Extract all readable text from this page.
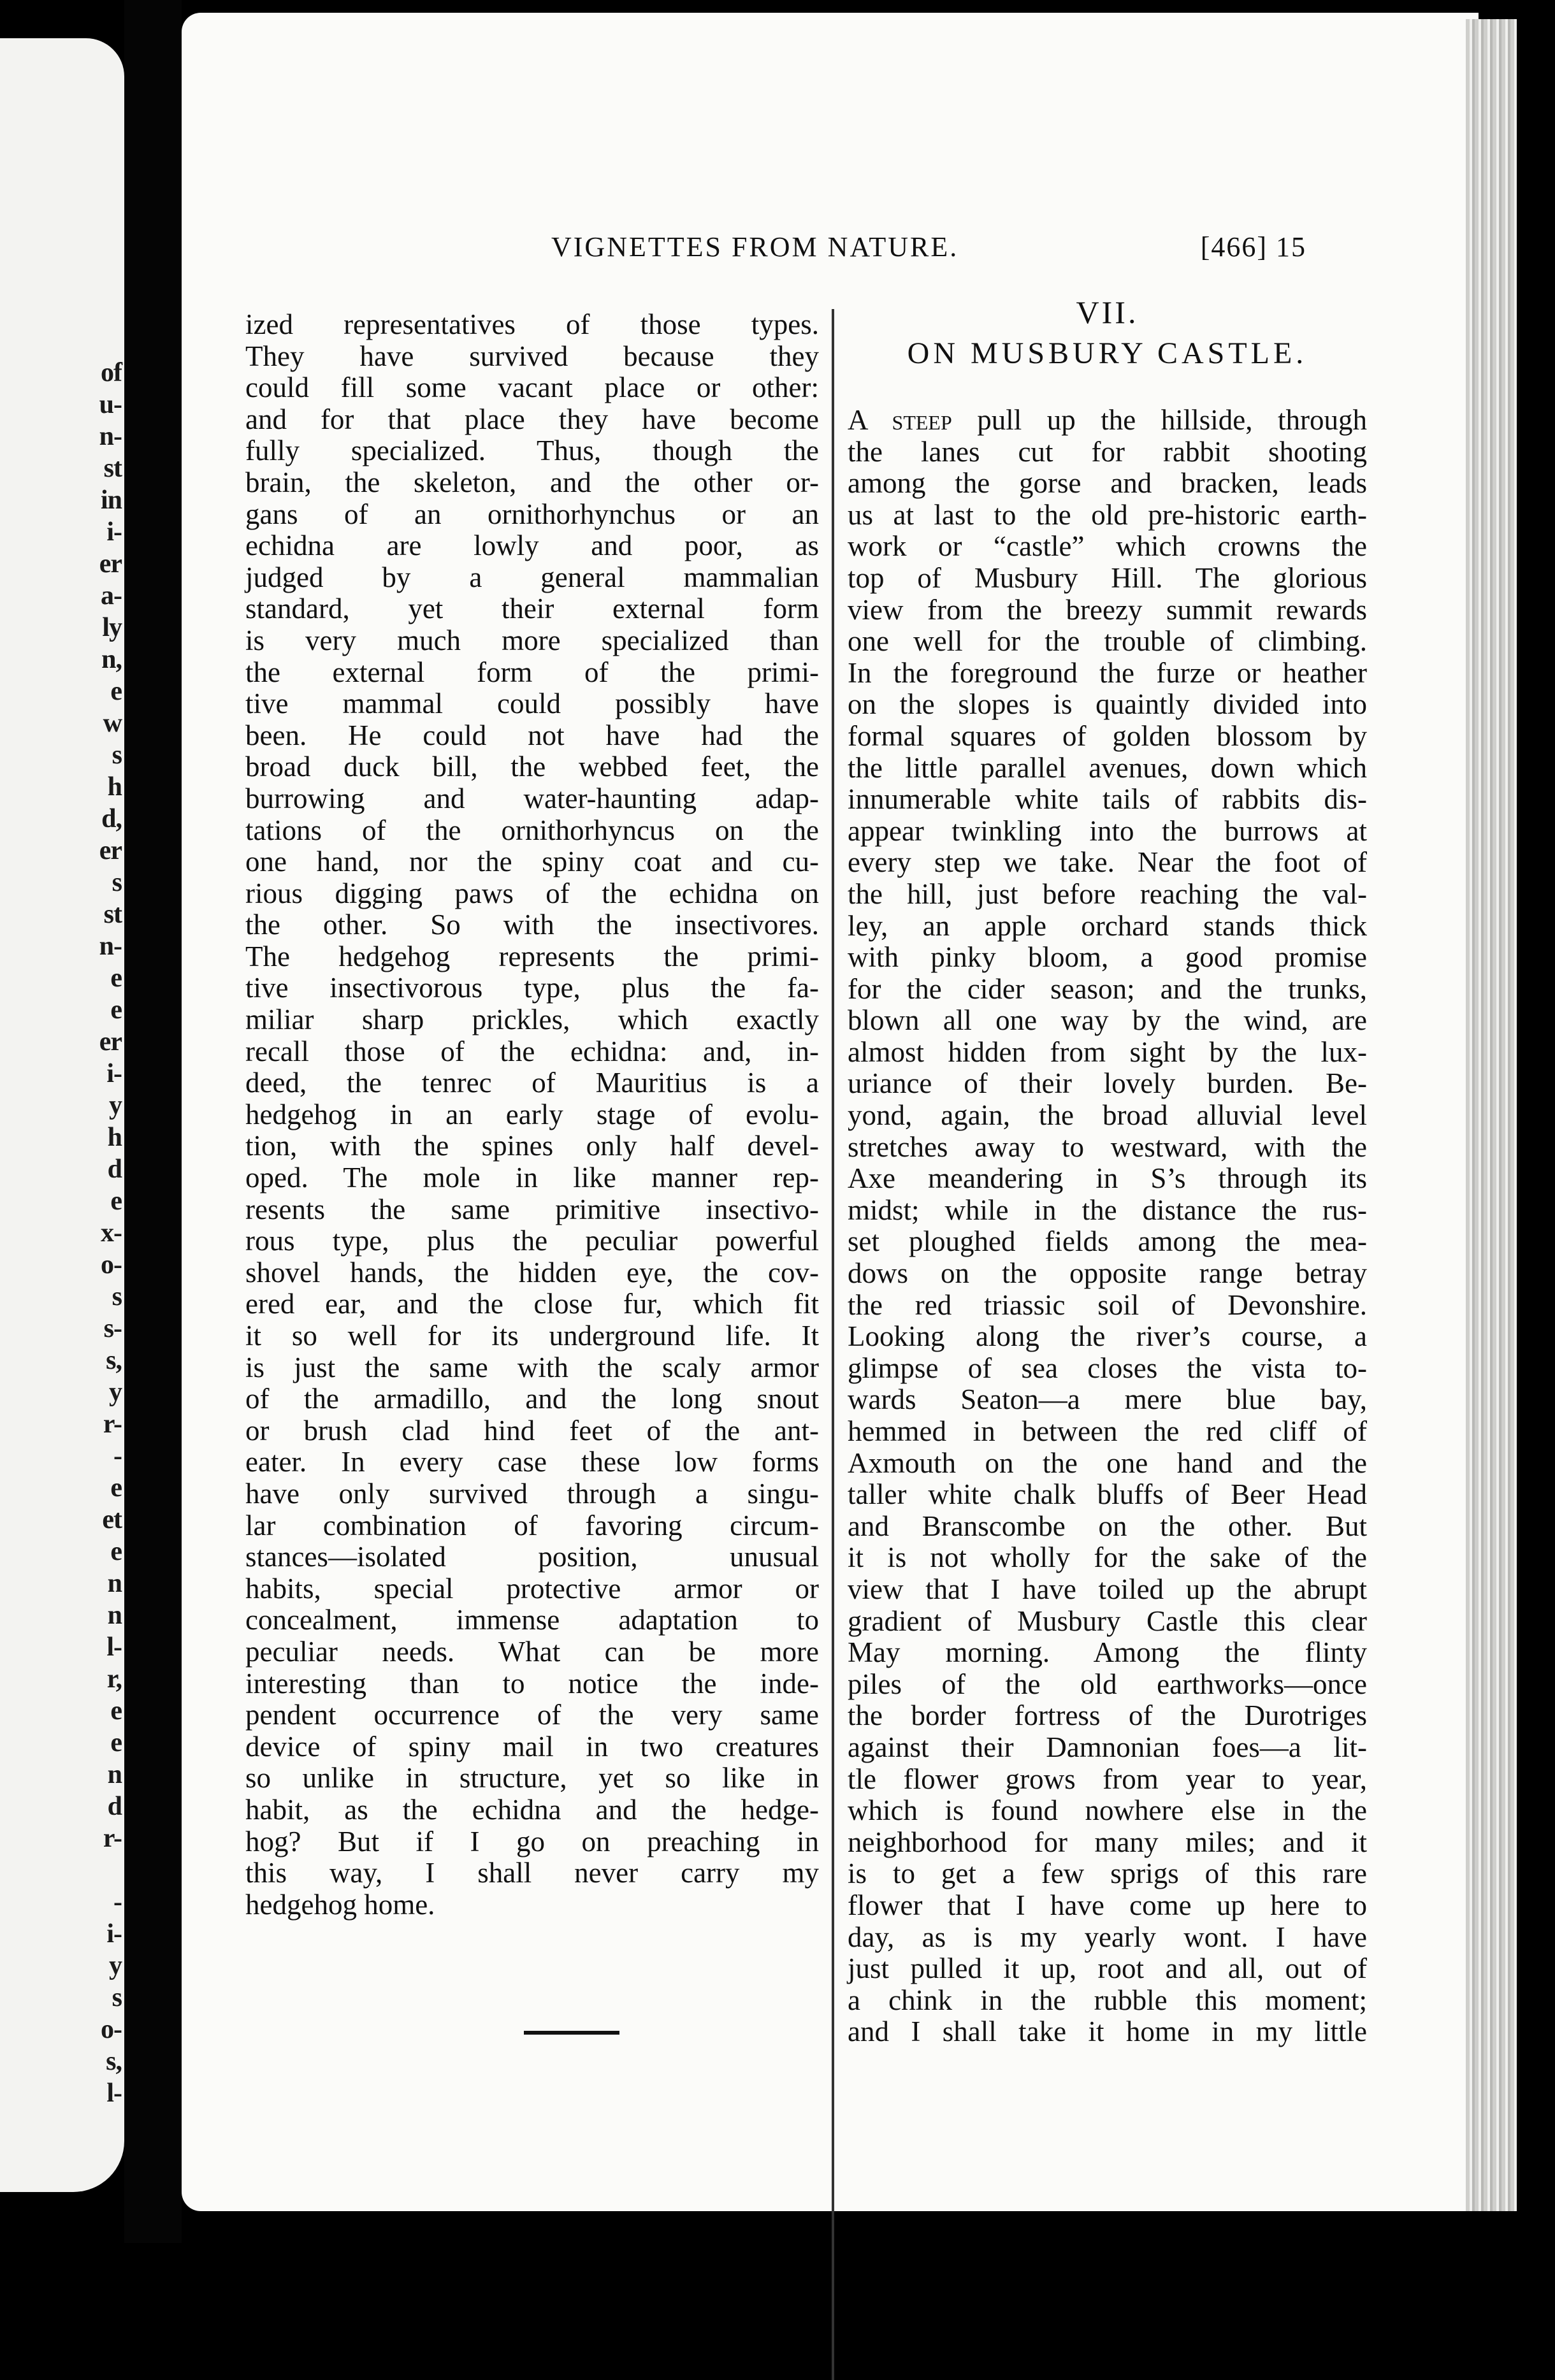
of
u-
n-
st
in
i-
er
a-
ly
n,
e
w
s
h
d,
er
s
st
n-
e
e
er
i-
y
h
d
e
x-
o-
s
s-
s,
y
r-
-
e
et
e
n
n
l-
r,
e
e
n
d
r-
-
i-
y
s
o-
s,
l-
VIGNETTES FROM NATURE.	[466] 15
ized representatives of those types.
They have survived because they
could fill some vacant place or other:
and for that place they have become
fully specialized. Thus, though the
brain, the skeleton, and the other or-
gans of an ornithorhynchus or an
echidna are lowly and poor, as
judged by a general mammalian
standard, yet their external form
is very much more specialized than
the external form of the primi-
tive mammal could possibly have
been. He could not have had the
broad duck bill, the webbed feet, the
burrowing and water-haunting adap-
tations of the ornithorhyncus on the
one hand, nor the spiny coat and cu-
rious digging paws of the echidna on
the other. So with the insectivores.
The hedgehog represents the primi-
tive insectivorous type, plus the fa-
miliar sharp prickles, which exactly
recall those of the echidna: and, in-
deed, the tenrec of Mauritius is a
hedgehog in an early stage of evolu-
tion, with the spines only half devel-
oped. The mole in like manner rep-
resents the same primitive insectivo-
rous type, plus the peculiar powerful
shovel hands, the hidden eye, the cov-
ered ear, and the close fur, which fit
it so well for its underground life. It
is just the same with the scaly armor
of the armadillo, and the long snout
or brush clad hind feet of the ant-
eater. In every case these low forms
have only survived through a singu-
lar combination of favoring circum-
stances—isolated position, unusual
habits, special protective armor or
concealment, immense adaptation to
peculiar needs. What can be more
interesting than to notice the inde-
pendent occurrence of the very same
device of spiny mail in two creatures
so unlike in structure, yet so like in
habit, as the echidna and the hedge-
hog? But if I go on preaching in
this way, I shall never carry my
hedgehog home.
VII.
ON MUSBURY CASTLE.
A steep pull up the hillside, through
the lanes cut for rabbit shooting
among the gorse and bracken, leads
us at last to the old pre-historic earth-
work or “castle” which crowns the
top of Musbury Hill. The glorious
view from the breezy summit rewards
one well for the trouble of climbing.
In the foreground the furze or heather
on the slopes is quaintly divided into
formal squares of golden blossom by
the little parallel avenues, down which
innumerable white tails of rabbits dis-
appear twinkling into the burrows at
every step we take. Near the foot of
the hill, just before reaching the val-
ley, an apple orchard stands thick
with pinky bloom, a good promise
for the cider season; and the trunks,
blown all one way by the wind, are
almost hidden from sight by the lux-
uriance of their lovely burden. Be-
yond, again, the broad alluvial level
stretches away to westward, with the
Axe meandering in S’s through its
midst; while in the distance the rus-
set ploughed fields among the mea-
dows on the opposite range betray
the red triassic soil of Devonshire.
Looking along the river’s course, a
glimpse of sea closes the vista to-
wards Seaton—a mere blue bay,
hemmed in between the red cliff of
Axmouth on the one hand and the
taller white chalk bluffs of Beer Head
and Branscombe on the other. But
it is not wholly for the sake of the
view that I have toiled up the abrupt
gradient of Musbury Castle this clear
May morning. Among the flinty
piles of the old earthworks—once
the border fortress of the Durotriges
against their Damnonian foes—a lit-
tle flower grows from year to year,
which is found nowhere else in the
neighborhood for many miles; and it
is to get a few sprigs of this rare
flower that I have come up here to
day, as is my yearly wont. I have
just pulled it up, root and all, out of
a chink in the rubble this moment;
and I shall take it home in my little
